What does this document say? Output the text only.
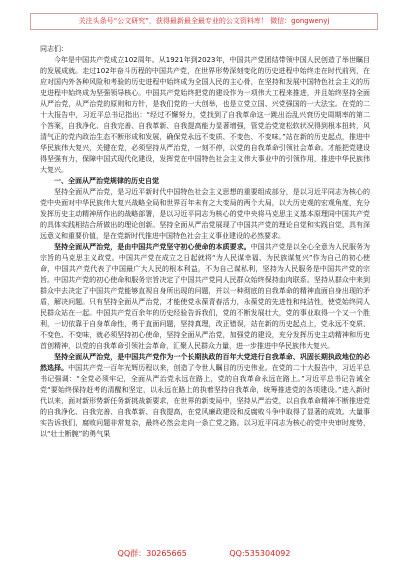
关注头条号“公文研究”，获得最新最全最专业的公文资料库！ 微信：gongwenyj

同志们：

今年是中国共产党成立102周年。从1921年到2023年，中国共产党团结带领中国人民创造了举世瞩目的发展成就。走过102年奋斗历程的中国共产党，在世界形势深刻变化的历史进程中始终走在时代前列，在应对国内外各种风险和考验的历史进程中始终成为全国人民的主心骨，在坚持和发展中国特色社会主义的历史进程中始终成为坚强领导核心。中国共产党始终把党的建设作为一项伟大工程来推进，并且始终坚持全面从严治党，从严治党的原则和方针，是我们党的一大创举，也是立党立国、兴党强国的一大法宝。在党的二十大报告中，习近平总书记指出：“经过不懈努力，党找到了自我革命这一跳出治乱兴衰历史周期率的第二个答案，自我净化、自我完善、自我革新、自我提高能力显著增强，管党治党宽松软状况得到根本扭转，风清气正的党内政治生态不断形成和发展，确保党永远不变质、不变色、不变味。”站在新的历史起点，推进中华民族伟大复兴，关键在党，必须坚持从严治党，一刻不停，以党的自我革命引领社会革命。才能把党建设得坚强有力，保障中国式现代化建设，发挥党在中国特色社会主义伟大事业中的引领作用，推进中华民族伟大复兴。

一、全面从严治党规律的历史自觉

坚持全面从严治党，是习近平新时代中国特色社会主义思想的重要组成部分，是以习近平同志为核心的党中央面对中华民族伟大复兴战略全局和世界百年未有之大变局的两个大局，以大历史观的宏观角度，充分发挥历史主动精神所作出的战略部署，是以习近平同志为核心的党中央将马克思主义基本原理同中国共产党的具体实践相结合所做出的理论创新。坚持全面从严治党展现了中国共产党的理论自觉和实践自觉，具有深远意义和重要价值，是在党新时代推进中国特色社会主义事业建设的必然要求。

坚持全面从严治党，是由中国共产党坚守初心使命的本质要求。中国共产党是以全心全意为人民服务为宗旨的马克思主义政党。中国共产党在成立之日起就将“为人民谋幸福、为民族谋复兴”作为自己的初心使命，中国共产党代表了中国最广大人民的根本利益，不为自己谋私利，坚持为人民服务是中国共产党的宗旨。中国共产党的初心使命和服务宗旨决定了中国共产党同人民群众始终保持血肉联系。坚持从群众中来到群众中去决定了中国共产党能够直视自身所出现的问题，并以一种彻底的自我革命的精神直面自身出现的矛盾，解决问题。只有坚持全面从严治党，才能使党永葆青春活力，永葆党的先进性和纯洁性，使党始终同人民群众站在一起。中国共产党百余年的历史经验告诉我们，党的不断发展壮大，党的事业取得一个又一个胜利，一切依靠于自身革命性，勇于直面问题，坚持真理，改正错误，站在新的历史起点上，党永远不变质、不变色、不变味，就必须坚持初心使命，坚持全面从严治党，加强党的建设，充分发挥历史主动精神和历史首创精神，以党的自我革命引领社会革命，汇聚人民群众力量，进一步推进中华民族伟大复兴。

坚持全面从严治党，是中国共产党作为一个长期执政的百年大党进行自我革命、巩固长期执政地位的必然选择。中国共产党一百年光辉历程以来，创造了令世人瞩目的历史伟业。在党的二十大报告中，习近平总书记强调：“全党必须牢记，全面从严治党永远在路上，党的自我革命永远在路上。”习近平总书记告诫全党“要始终保持赶考的清醒和坚定，以永远在路上的执着坚持自我革命，统筹推进党的各项建设。”进入新时代以来，面对新形势新任务新挑战新要求，在世界的新变局中，坚持从严治党，以自我革命精神不断推进党的自我净化、自我完善、自我革新、自我提高，在党风廉政建设和反腐败斗争中取得了显著的成效。大量事实告诉我们，腐败问题非常复杂，最终必然会走向一条亡党之路。以习近平同志为核心的党中央审时度势，以“壮士断腕”的勇气果

QQ群：30265665	QQ:535304092
